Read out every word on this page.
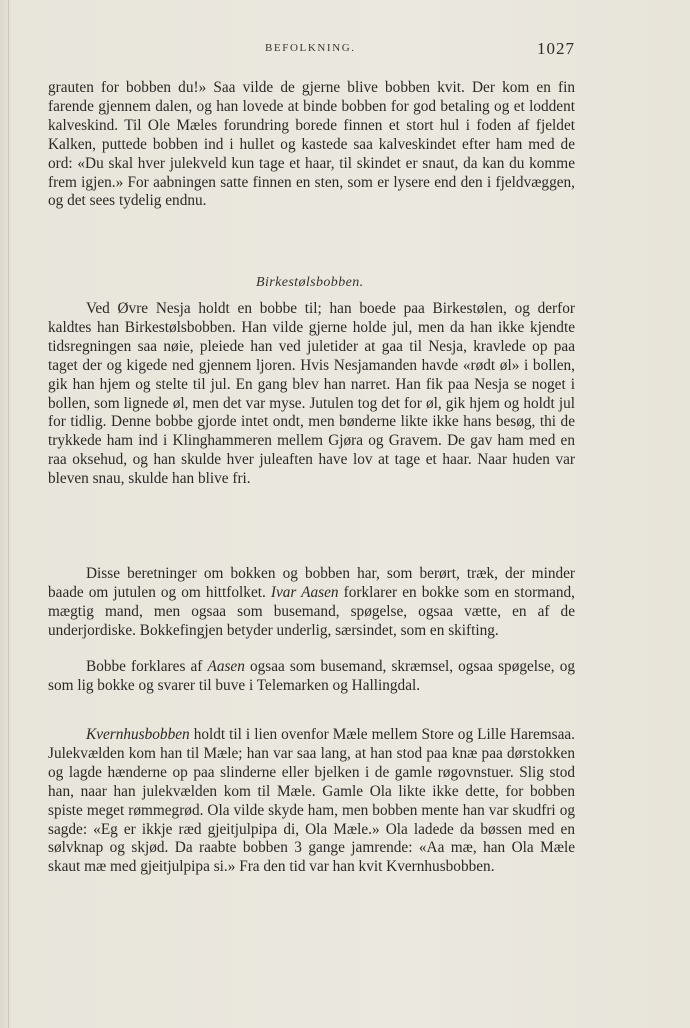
BEFOLKNING.	1027

grauten for bobben du!» Saa vilde de gjerne blive bobben kvit. Der kom en fin farende gjennem dalen, og han lovede at binde bobben for god betaling og et loddent kalveskind. Til Ole Mæles forundring borede finnen et stort hul i foden af fjeldet Kalken, puttede bobben ind i hullet og kastede saa kalveskindet efter ham med de ord: «Du skal hver julekveld kun tage et haar, til skindet er snaut, da kan du komme frem igjen.» For aabningen satte finnen en sten, som er lysere end den i fjeldvæggen, og det sees tydelig endnu.

Birkestølsbobben.

Ved Øvre Nesja holdt en bobbe til; han boede paa Birkestølen, og derfor kaldtes han Birkestølsbobben. Han vilde gjerne holde jul, men da han ikke kjendte tidsregningen saa nøie, pleiede han ved juletider at gaa til Nesja, kravlede op paa taget der og kigede ned gjennem ljoren. Hvis Nesjamanden havde «rødt øl» i bollen, gik han hjem og stelte til jul. En gang blev han narret. Han fik paa Nesja se noget i bollen, som lignede øl, men det var myse. Jutulen tog det for øl, gik hjem og holdt jul for tidlig. Denne bobbe gjorde intet ondt, men bønderne likte ikke hans besøg, thi de trykkede ham ind i Klinghammeren mellem Gjøra og Gravem. De gav ham med en raa oksehud, og han skulde hver juleaften have lov at tage et haar. Naar huden var bleven snau, skulde han blive fri.

Disse beretninger om bokken og bobben har, som berørt, træk, der minder baade om jutulen og om hittfolket. Ivar Aasen forklarer en bokke som en stormand, mægtig mand, men ogsaa som busemand, spøgelse, ogsaa vætte, en af de underjordiske. Bokkefingjen betyder underlig, særsindet, som en skifting.

Bobbe forklares af Aasen ogsaa som busemand, skræmsel, ogsaa spøgelse, og som lig bokke og svarer til buve i Telemarken og Hallingdal.

Kvernhusbobben holdt til i lien ovenfor Mæle mellem Store og Lille Haremsaa. Julekvælden kom han til Mæle; han var saa lang, at han stod paa knæ paa dørstokken og lagde hænderne op paa slinderne eller bjelken i de gamle røgovnstuer. Slig stod han, naar han julekvælden kom til Mæle. Gamle Ola likte ikke dette, for bobben spiste meget rømmegrød. Ola vilde skyde ham, men bobben mente han var skudfri og sagde: «Eg er ikkje ræd gjeitjulpipa di, Ola Mæle.» Ola ladede da bøssen med en sølvknap og skjød. Da raabte bobben 3 gange jamrende: «Aa mæ, han Ola Mæle skaut mæ med gjeitjulpipa si.» Fra den tid var han kvit Kvernhusbobben.
